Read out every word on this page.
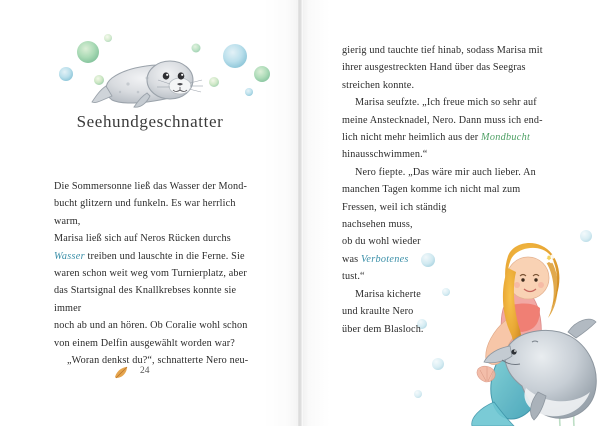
Seehundgeschnatter

Die Sommersonne ließ das Wasser der Mond-
bucht glitzern und funkeln. Es war herrlich warm,
Marisa ließ sich auf Neros Rücken durchs
Wasser treiben und lauschte in die Ferne. Sie
waren schon weit weg vom Turnierplatz, aber
das Startsignal des Knallkrebses konnte sie immer
noch ab und an hören. Ob Coralie wohl schon
von einem Delfin ausgewählt worden war?

„Woran denkst du?“, schnatterte Nero neu-

24

gierig und tauchte tief hinab, sodass Marisa mit
ihrer ausgestreckten Hand über das Seegras
streichen konnte.

Marisa seufzte. „Ich freue mich so sehr auf
meine Anstecknadel, Nero. Dann muss ich end-
lich nicht mehr heimlich aus der Mondbucht
hinausschwimmen.“

Nero fiepte. „Das wäre mir auch lieber. An
manchen Tagen komme ich nicht mal zum
Fressen, weil ich ständig
nachsehen muss,
ob du wohl wieder
was Verbotenes
tust.“

Marisa kicherte
und kraulte Nero
über dem Blasloch.
